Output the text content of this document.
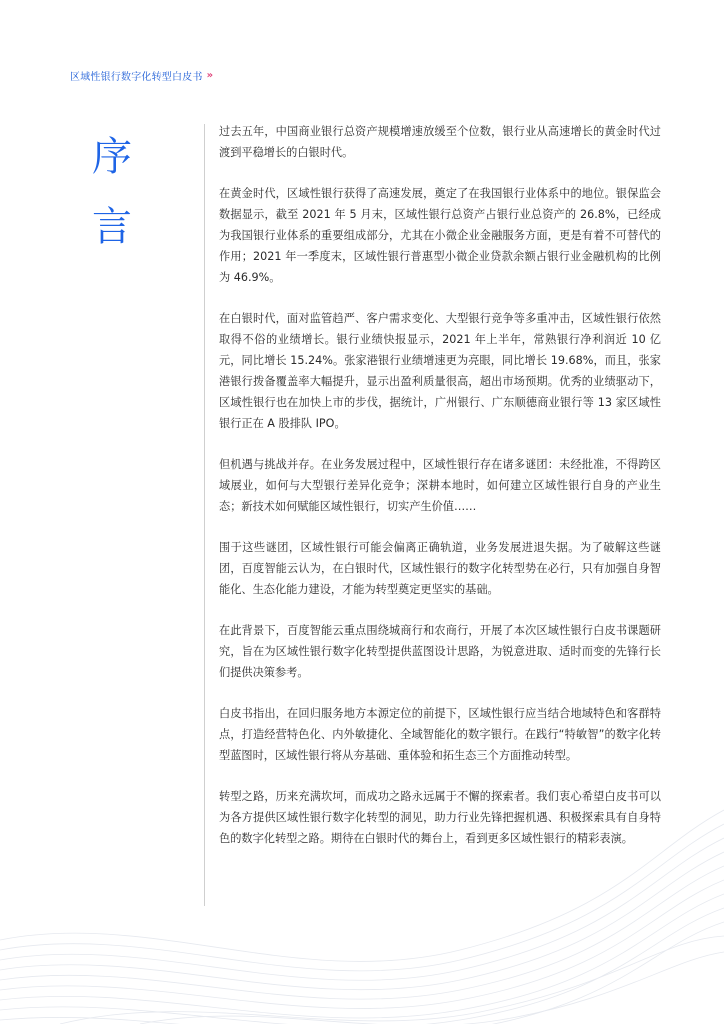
区域性银行数字化转型白皮书 »
序
言

过去五年，中国商业银行总资产规模增速放缓至个位数，银行业从高速增长的黄金时代过渡到平稳增长的白银时代。

在黄金时代，区域性银行获得了高速发展，奠定了在我国银行业体系中的地位。银保监会数据显示，截至 2021 年 5 月末，区域性银行总资产占银行业总资产的 26.8%，已经成为我国银行业体系的重要组成部分，尤其在小微企业金融服务方面，更是有着不可替代的作用；2021 年一季度末，区域性银行普惠型小微企业贷款余额占银行业金融机构的比例为 46.9%。

在白银时代，面对监管趋严、客户需求变化、大型银行竞争等多重冲击，区域性银行依然取得不俗的业绩增长。银行业绩快报显示，2021 年上半年，常熟银行净利润近 10 亿元，同比增长 15.24%。张家港银行业绩增速更为亮眼，同比增长 19.68%，而且，张家港银行拨备覆盖率大幅提升，显示出盈利质量很高，超出市场预期。优秀的业绩驱动下，区域性银行也在加快上市的步伐，据统计，广州银行、广东顺德商业银行等 13 家区域性银行正在 A 股排队 IPO。

但机遇与挑战并存。在业务发展过程中，区域性银行存在诸多谜团：未经批准，不得跨区域展业，如何与大型银行差异化竞争；深耕本地时，如何建立区域性银行自身的产业生态；新技术如何赋能区域性银行，切实产生价值……

围于这些谜团，区域性银行可能会偏离正确轨道，业务发展进退失据。为了破解这些谜团，百度智能云认为，在白银时代，区域性银行的数字化转型势在必行，只有加强自身智能化、生态化能力建设，才能为转型奠定更坚实的基础。

在此背景下，百度智能云重点围绕城商行和农商行，开展了本次区域性银行白皮书课题研究，旨在为区域性银行数字化转型提供蓝图设计思路，为锐意进取、适时而变的先锋行长们提供决策参考。

白皮书指出，在回归服务地方本源定位的前提下，区域性银行应当结合地域特色和客群特点，打造经营特色化、内外敏捷化、全域智能化的数字银行。在践行“特敏智”的数字化转型蓝图时，区域性银行将从夯基础、重体验和拓生态三个方面推动转型。

转型之路，历来充满坎坷，而成功之路永远属于不懈的探索者。我们衷心希望白皮书可以为各方提供区域性银行数字化转型的洞见，助力行业先锋把握机遇、积极探索具有自身特色的数字化转型之路。期待在白银时代的舞台上，看到更多区域性银行的精彩表演。
